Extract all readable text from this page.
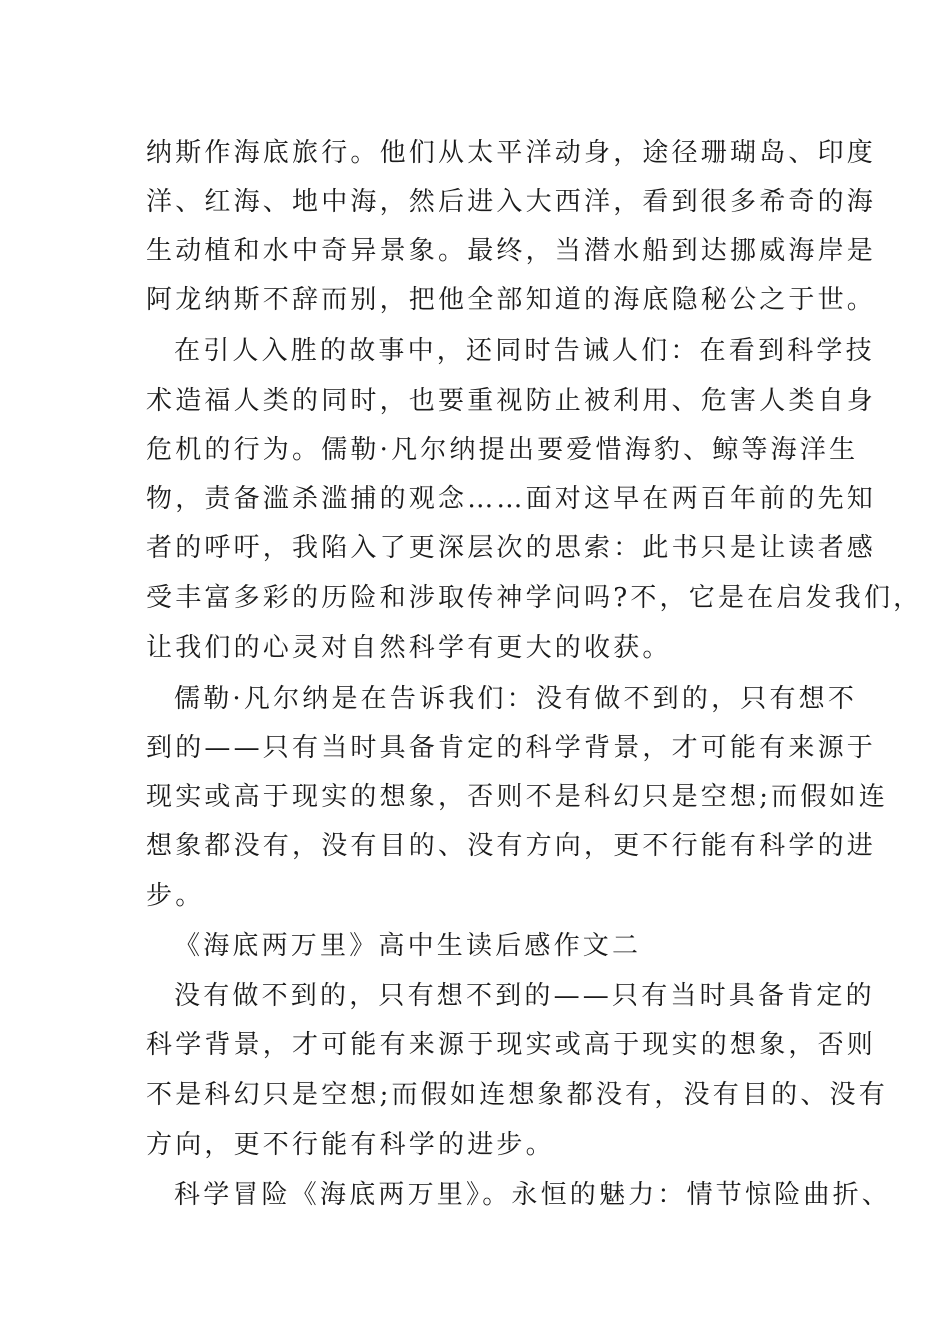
纳斯作海底旅行。他们从太平洋动身，途径珊瑚岛、印度
洋、红海、地中海，然后进入大西洋，看到很多希奇的海
生动植和水中奇异景象。最终，当潜水船到达挪威海岸是
阿龙纳斯不辞而别，把他全部知道的海底隐秘公之于世。
在引人入胜的故事中，还同时告诫人们：在看到科学技
术造福人类的同时，也要重视防止被利用、危害人类自身
危机的行为。儒勒·凡尔纳提出要爱惜海豹、鲸等海洋生
物，责备滥杀滥捕的观念……面对这早在两百年前的先知
者的呼吁，我陷入了更深层次的思索：此书只是让读者感
受丰富多彩的历险和涉取传神学问吗?不，它是在启发我们，
让我们的心灵对自然科学有更大的收获。
儒勒·凡尔纳是在告诉我们：没有做不到的，只有想不
到的——只有当时具备肯定的科学背景，才可能有来源于
现实或高于现实的想象，否则不是科幻只是空想;而假如连
想象都没有，没有目的、没有方向，更不行能有科学的进
步。
《海底两万里》高中生读后感作文二
没有做不到的，只有想不到的——只有当时具备肯定的
科学背景，才可能有来源于现实或高于现实的想象，否则
不是科幻只是空想;而假如连想象都没有，没有目的、没有
方向，更不行能有科学的进步。
科学冒险《海底两万里》。永恒的魅力：情节惊险曲折、
